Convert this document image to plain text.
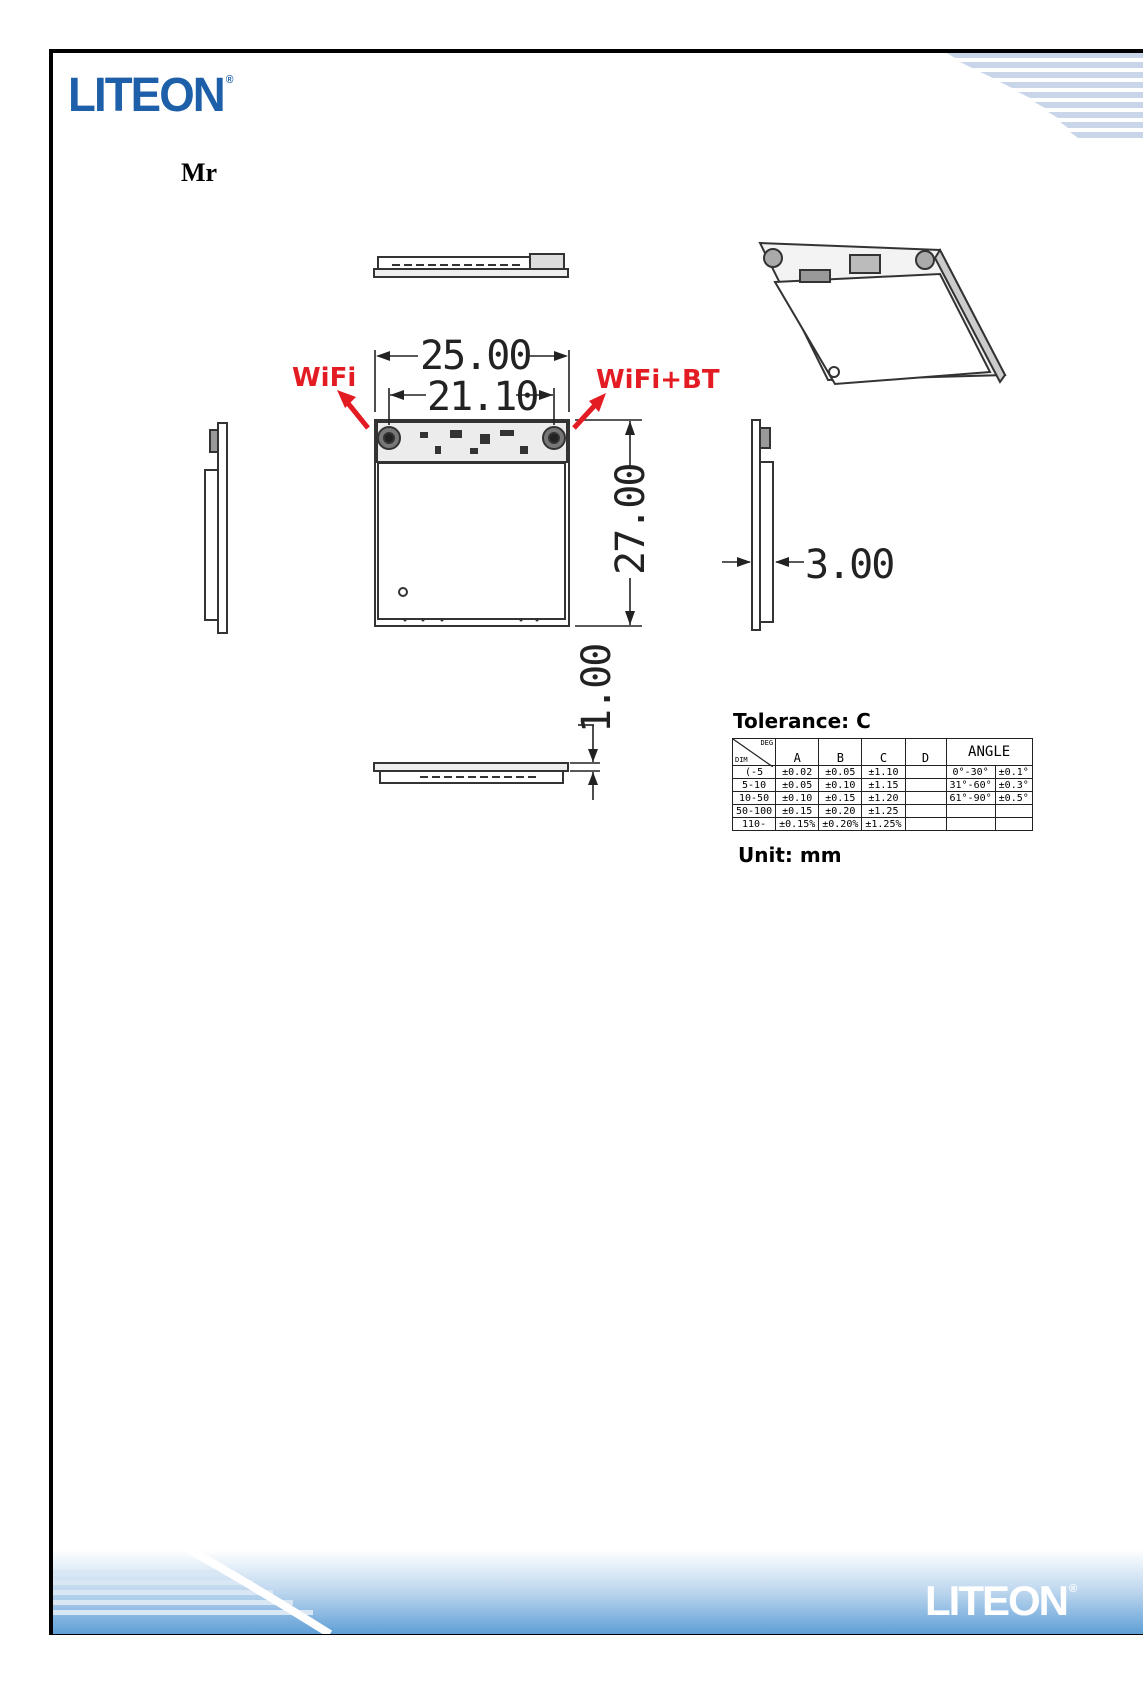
LITEON ®
Mr
25.00
21.10
27.00	3.00
1.00
WiFi	WiFi+BT
Tolerance: C
DEG
DIM					ANGLE	
	A	B	C	D		
(-5	±0.02	±0.05	±1.10		0°-30°	±0.1°
5-10	±0.05	±0.10	±1.15		31°-60°	±0.3°
10-50	±0.10	±0.15	±1.20		61°-90°	±0.5°
50-100	±0.15	±0.20	±1.25			
110-	±0.15%	±0.20%	±1.25%			
Unit: mm
LITEON ®
